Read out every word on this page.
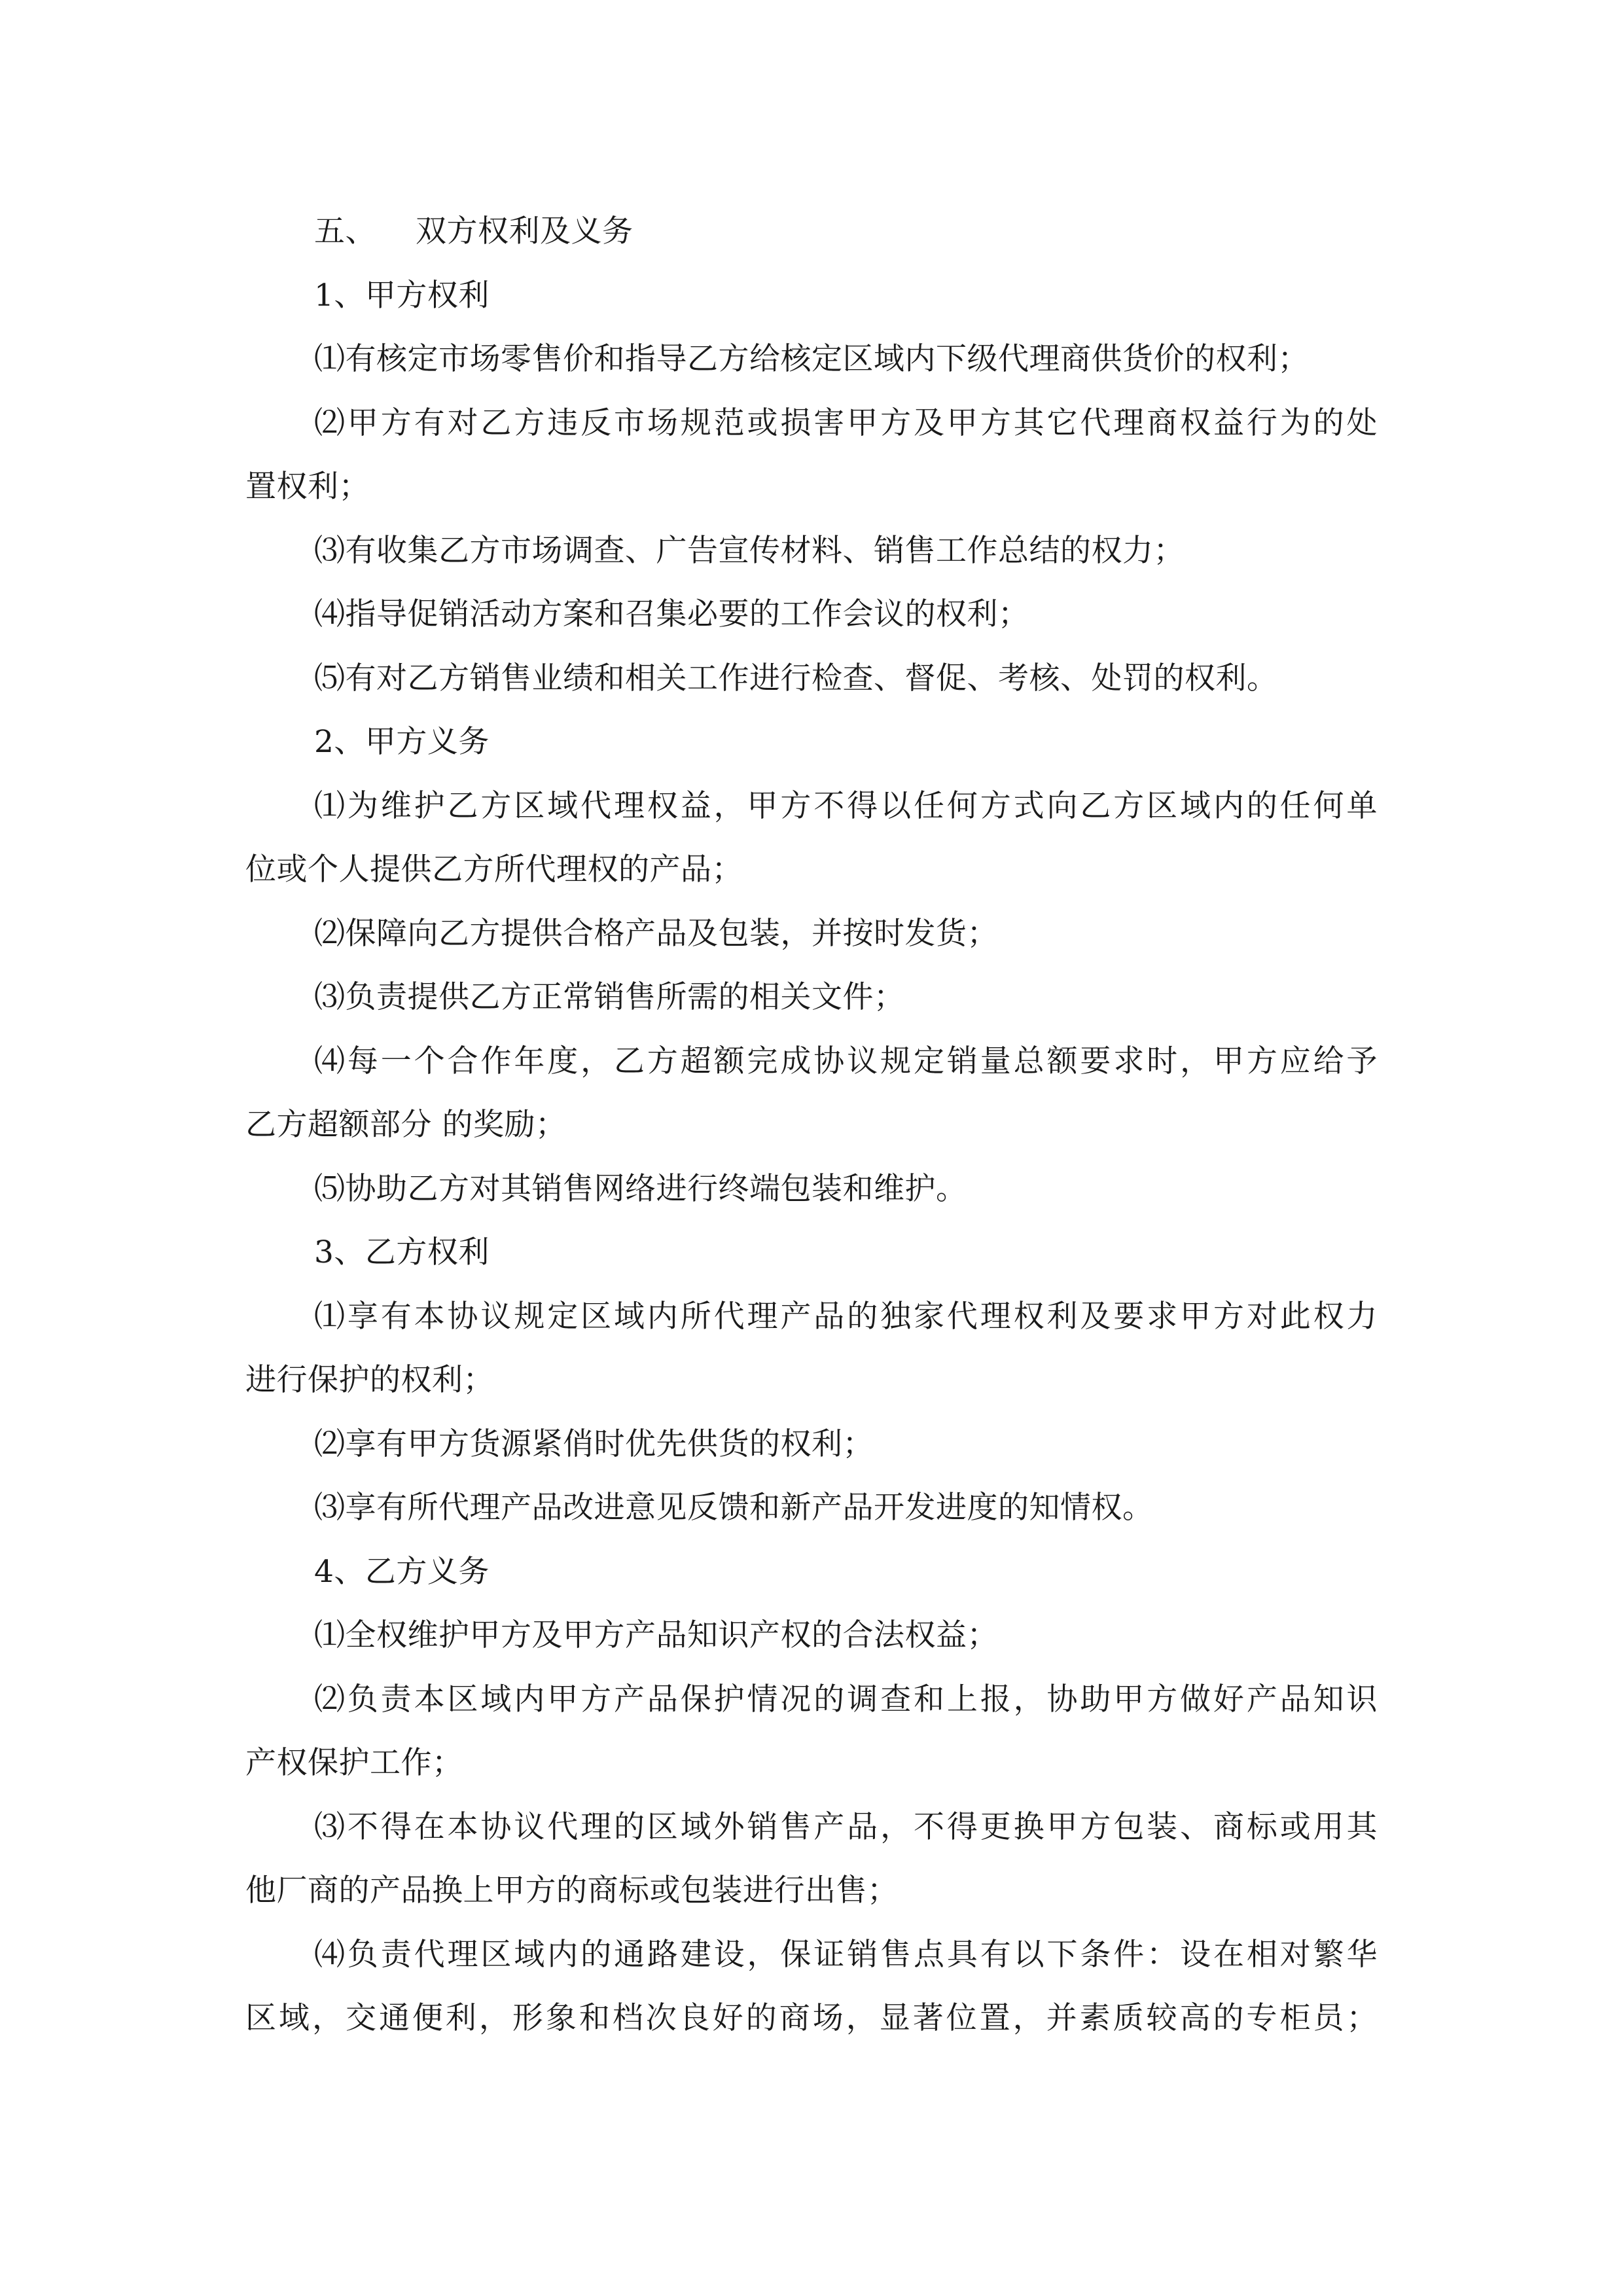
五、 双方权利及义务
1、甲方权利
⑴有核定市场零售价和指导乙方给核定区域内下级代理商供货价的权利；
⑵甲方有对乙方违反市场规范或损害甲方及甲方其它代理商权益行为的处
置权利；
⑶有收集乙方市场调查、广告宣传材料、销售工作总结的权力；
⑷指导促销活动方案和召集必要的工作会议的权利；
⑸有对乙方销售业绩和相关工作进行检查、督促、考核、处罚的权利。
2、甲方义务
⑴为维护乙方区域代理权益，甲方不得以任何方式向乙方区域内的任何单
位或个人提供乙方所代理权的产品；
⑵保障向乙方提供合格产品及包装，并按时发货；
⑶负责提供乙方正常销售所需的相关文件；
⑷每一个合作年度，乙方超额完成协议规定销量总额要求时，甲方应给予
乙方超额部分 的奖励；
⑸协助乙方对其销售网络进行终端包装和维护。
3、乙方权利
⑴享有本协议规定区域内所代理产品的独家代理权利及要求甲方对此权力
进行保护的权利；
⑵享有甲方货源紧俏时优先供货的权利；
⑶享有所代理产品改进意见反馈和新产品开发进度的知情权。
4、乙方义务
⑴全权维护甲方及甲方产品知识产权的合法权益；
⑵负责本区域内甲方产品保护情况的调查和上报，协助甲方做好产品知识
产权保护工作；
⑶不得在本协议代理的区域外销售产品，不得更换甲方包装、商标或用其
他厂商的产品换上甲方的商标或包装进行出售；
⑷负责代理区域内的通路建设，保证销售点具有以下条件：设在相对繁华
区域，交通便利，形象和档次良好的商场，显著位置，并素质较高的专柜员；
